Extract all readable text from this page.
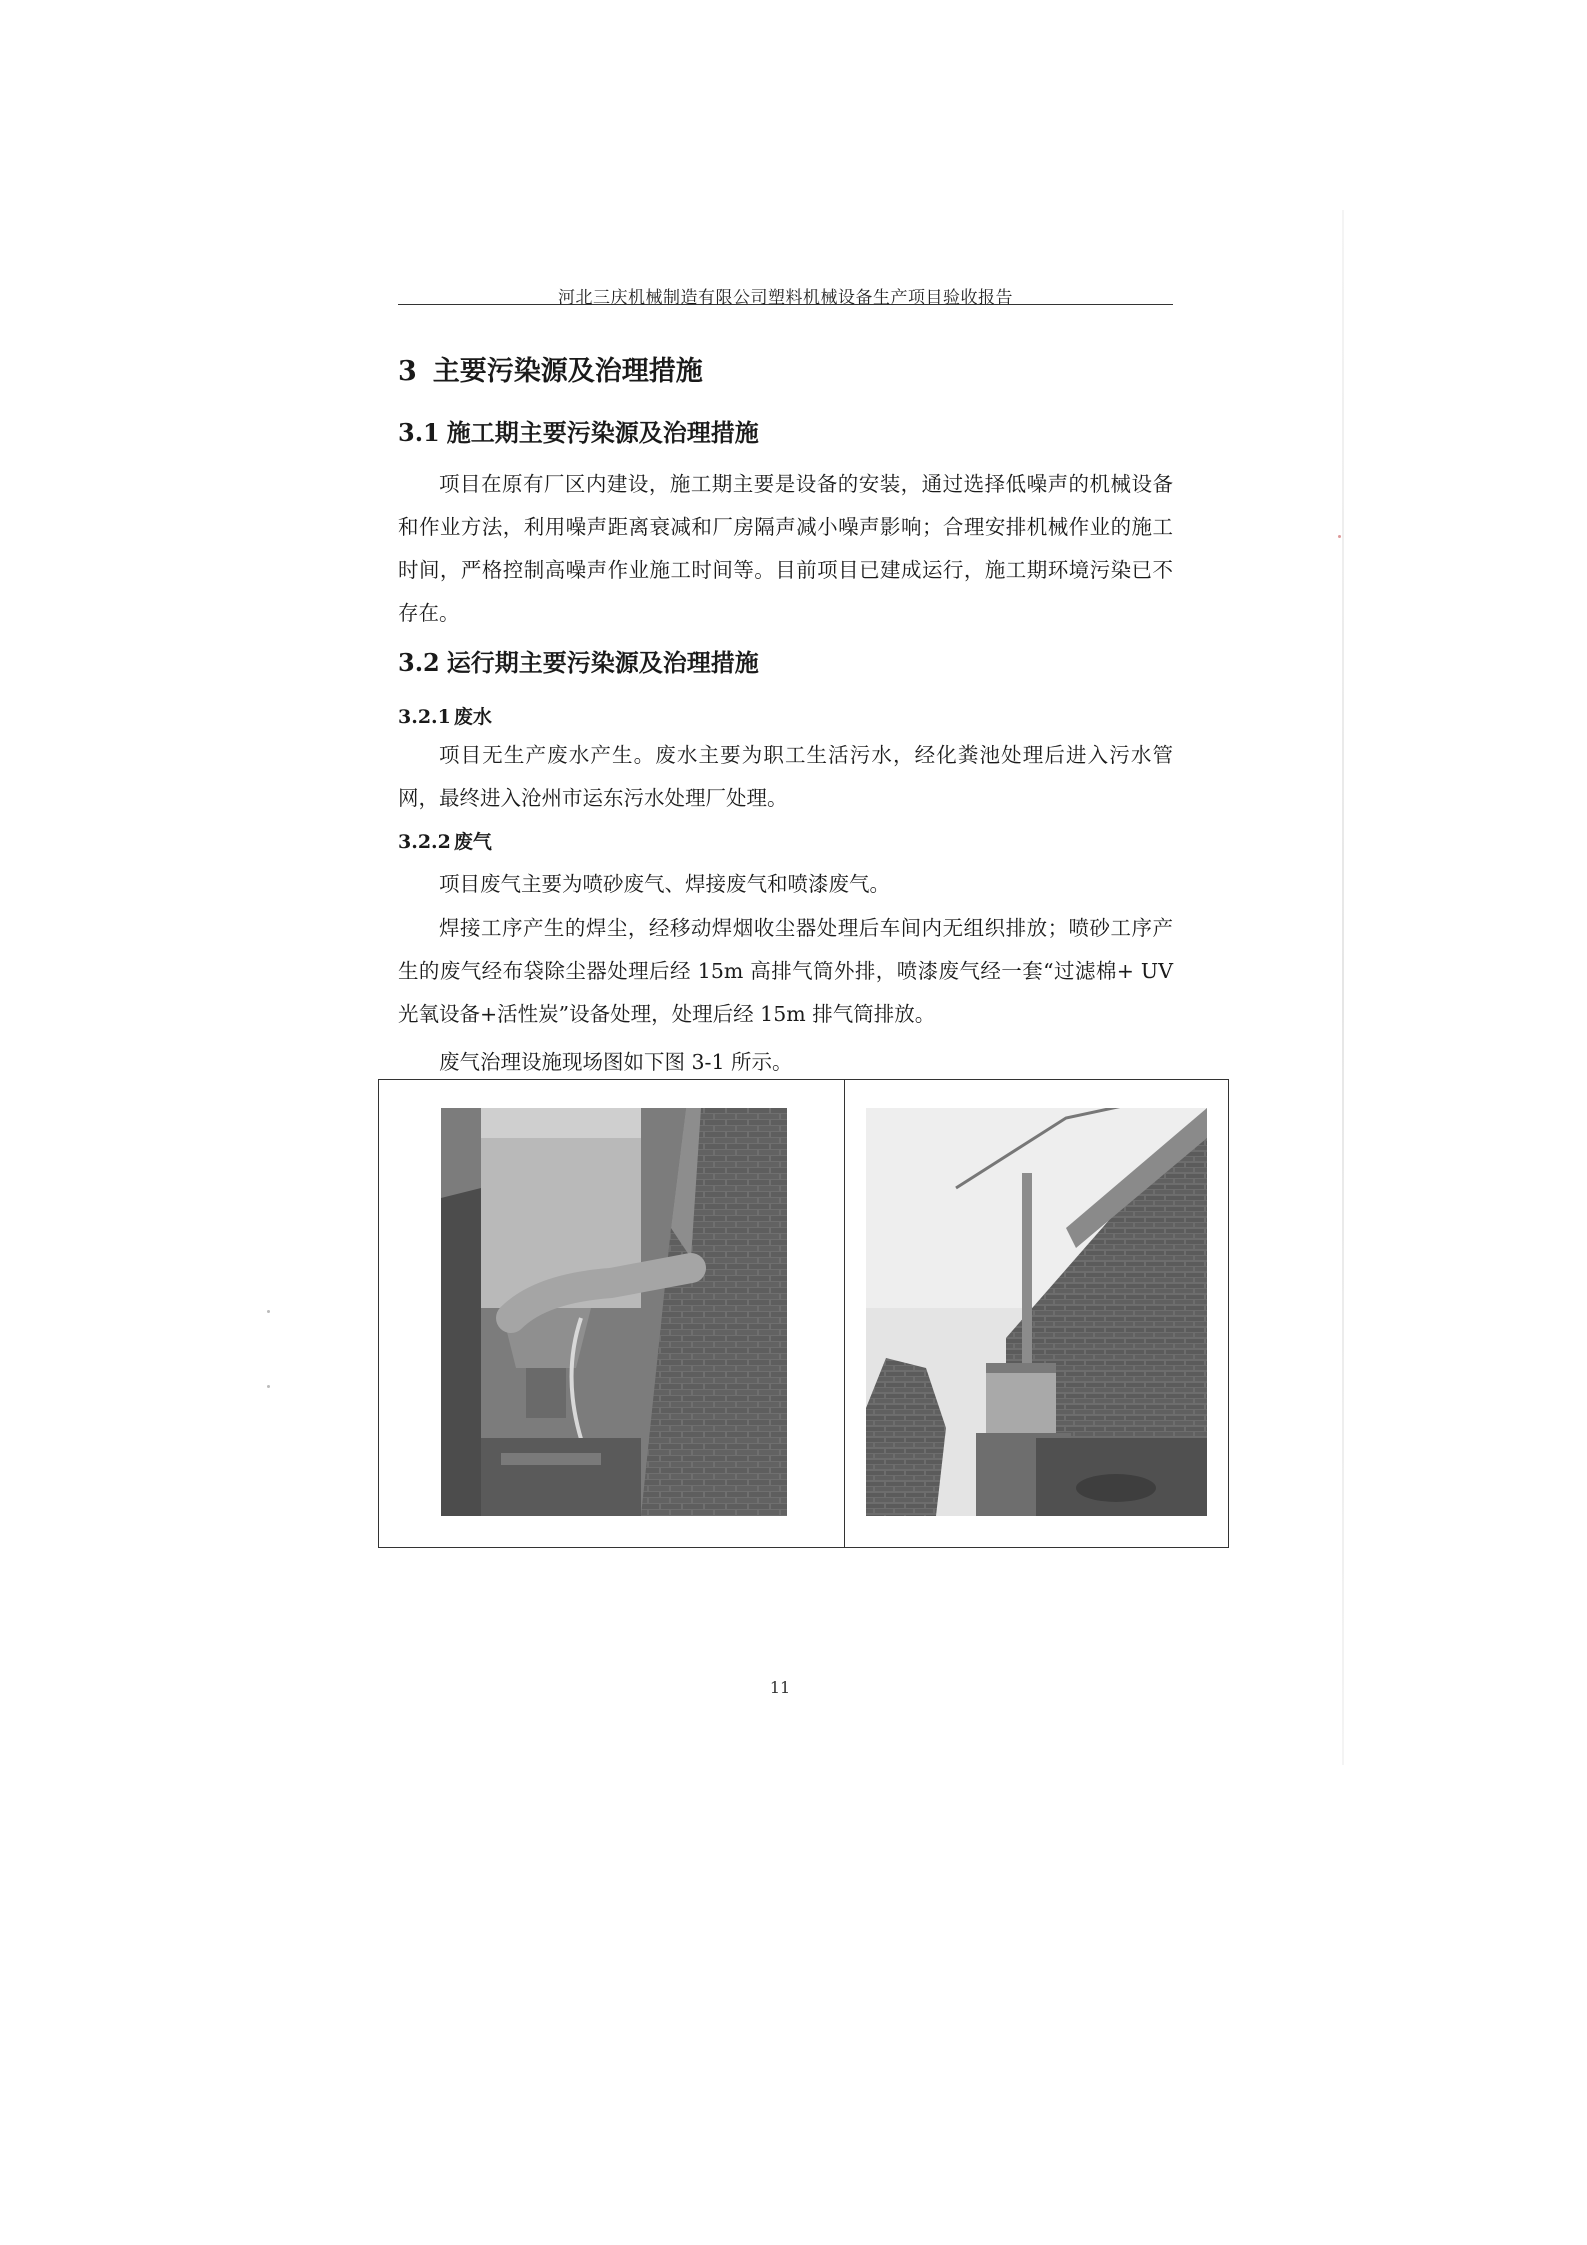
河北三庆机械制造有限公司塑料机械设备生产项目验收报告
3 主要污染源及治理措施
3.1 施工期主要污染源及治理措施

项目在原有厂区内建设，施工期主要是设备的安装，通过选择低噪声的机械设备和作业方法，利用噪声距离衰减和厂房隔声减小噪声影响；合理安排机械作业的施工时间，严格控制高噪声作业施工时间等。目前项目已建成运行，施工期环境污染已不存在。

3.2 运行期主要污染源及治理措施
3.2.1 废水

项目无生产废水产生。废水主要为职工生活污水，经化粪池处理后进入污水管网，最终进入沧州市运东污水处理厂处理。

3.2.2 废气

项目废气主要为喷砂废气、焊接废气和喷漆废气。

焊接工序产生的焊尘，经移动焊烟收尘器处理后车间内无组织排放；喷砂工序产生的废气经布袋除尘器处理后经 15m 高排气筒外排，喷漆废气经一套“过滤棉+ UV 光氧设备+活性炭”设备处理，处理后经 15m 排气筒排放。

废气治理设施现场图如下图 3-1 所示。

11
